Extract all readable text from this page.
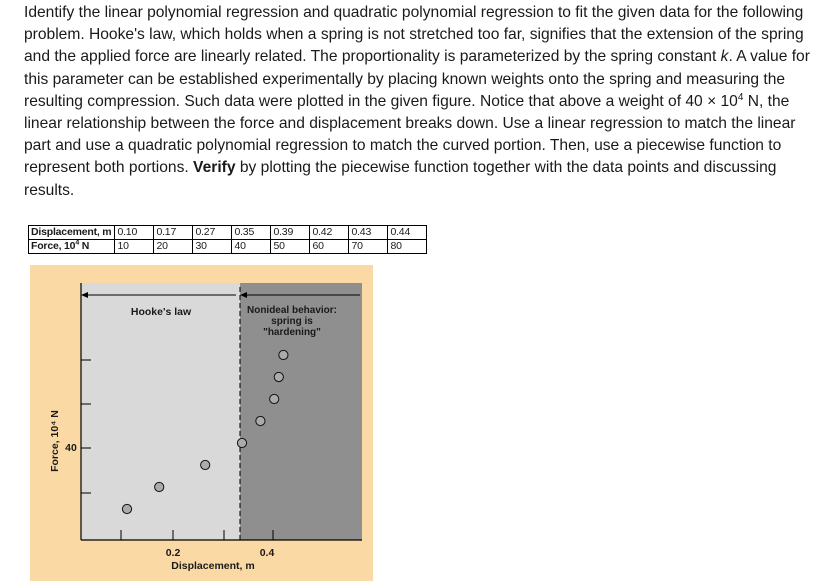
Identify the linear polynomial regression and quadratic polynomial regression to fit the given data for the following problem. Hooke's law, which holds when a spring is not stretched too far, signifies that the extension of the spring and the applied force are linearly related. The proportionality is parameterized by the spring constant k. A value for this parameter can be established experimentally by placing known weights onto the spring and measuring the resulting compression. Such data were plotted in the given figure. Notice that above a weight of $40 \times 10^4$ N, the linear relationship between the force and displacement breaks down. Use a linear regression to match the linear part and use a quadratic polynomial regression to match the curved portion. Then, use a piecewise function to represent both portions. Verify by plotting the piecewise function together with the data points and discussing results.

Displacement, m	0.10	0.17	0.27	0.35	0.39	0.42	0.43	0.44
Force, $10^4$ N	10	20	30	40	50	60	70	80
Hooke's law	Nonideal behavior:
spring is
"hardening"
Force, 10⁴ N 40
0.2	0.4
Displacement, m
